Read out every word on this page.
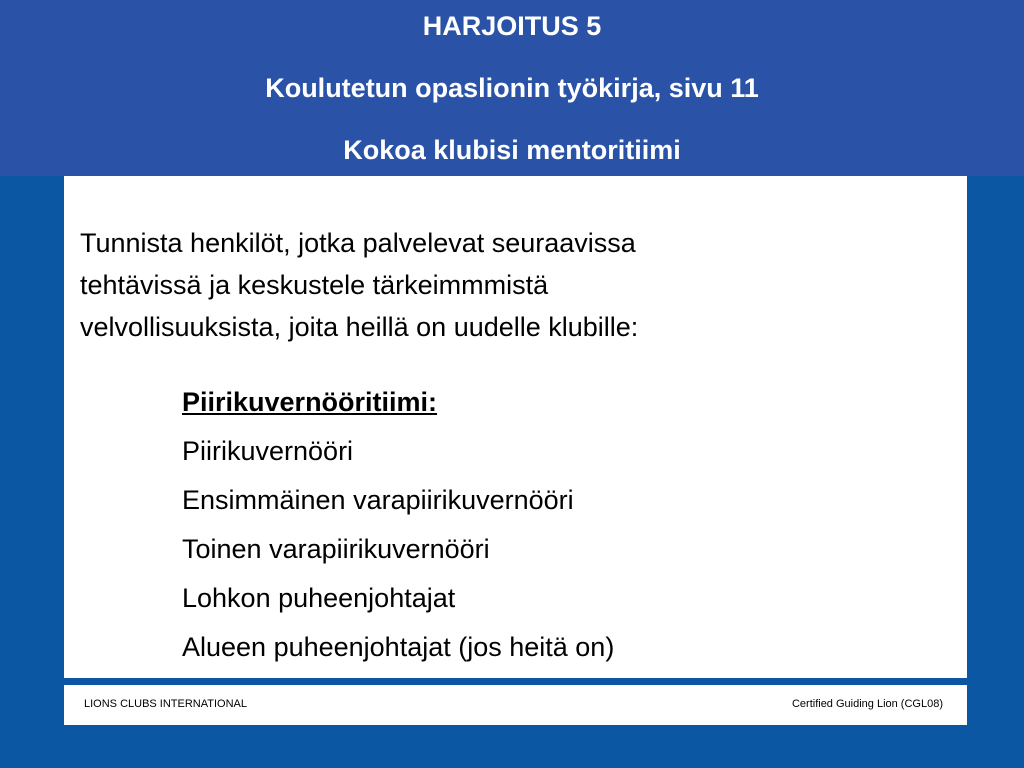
HARJOITUS 5
Koulutetun opaslionin työkirja, sivu 11
Kokoa klubisi mentoritiimi

Tunnista henkilöt, jotka palvelevat seuraavissa
tehtävissä ja keskustele tärkeimmmistä
velvollisuuksista, joita heillä on uudelle klubille:

Piirikuvernööritiimi:
Piirikuvernööri
Ensimmäinen varapiirikuvernööri
Toinen varapiirikuvernööri
Lohkon puheenjohtajat
Alueen puheenjohtajat (jos heitä on)
LIONS CLUBS INTERNATIONAL	Certified Guiding Lion (CGL08)
